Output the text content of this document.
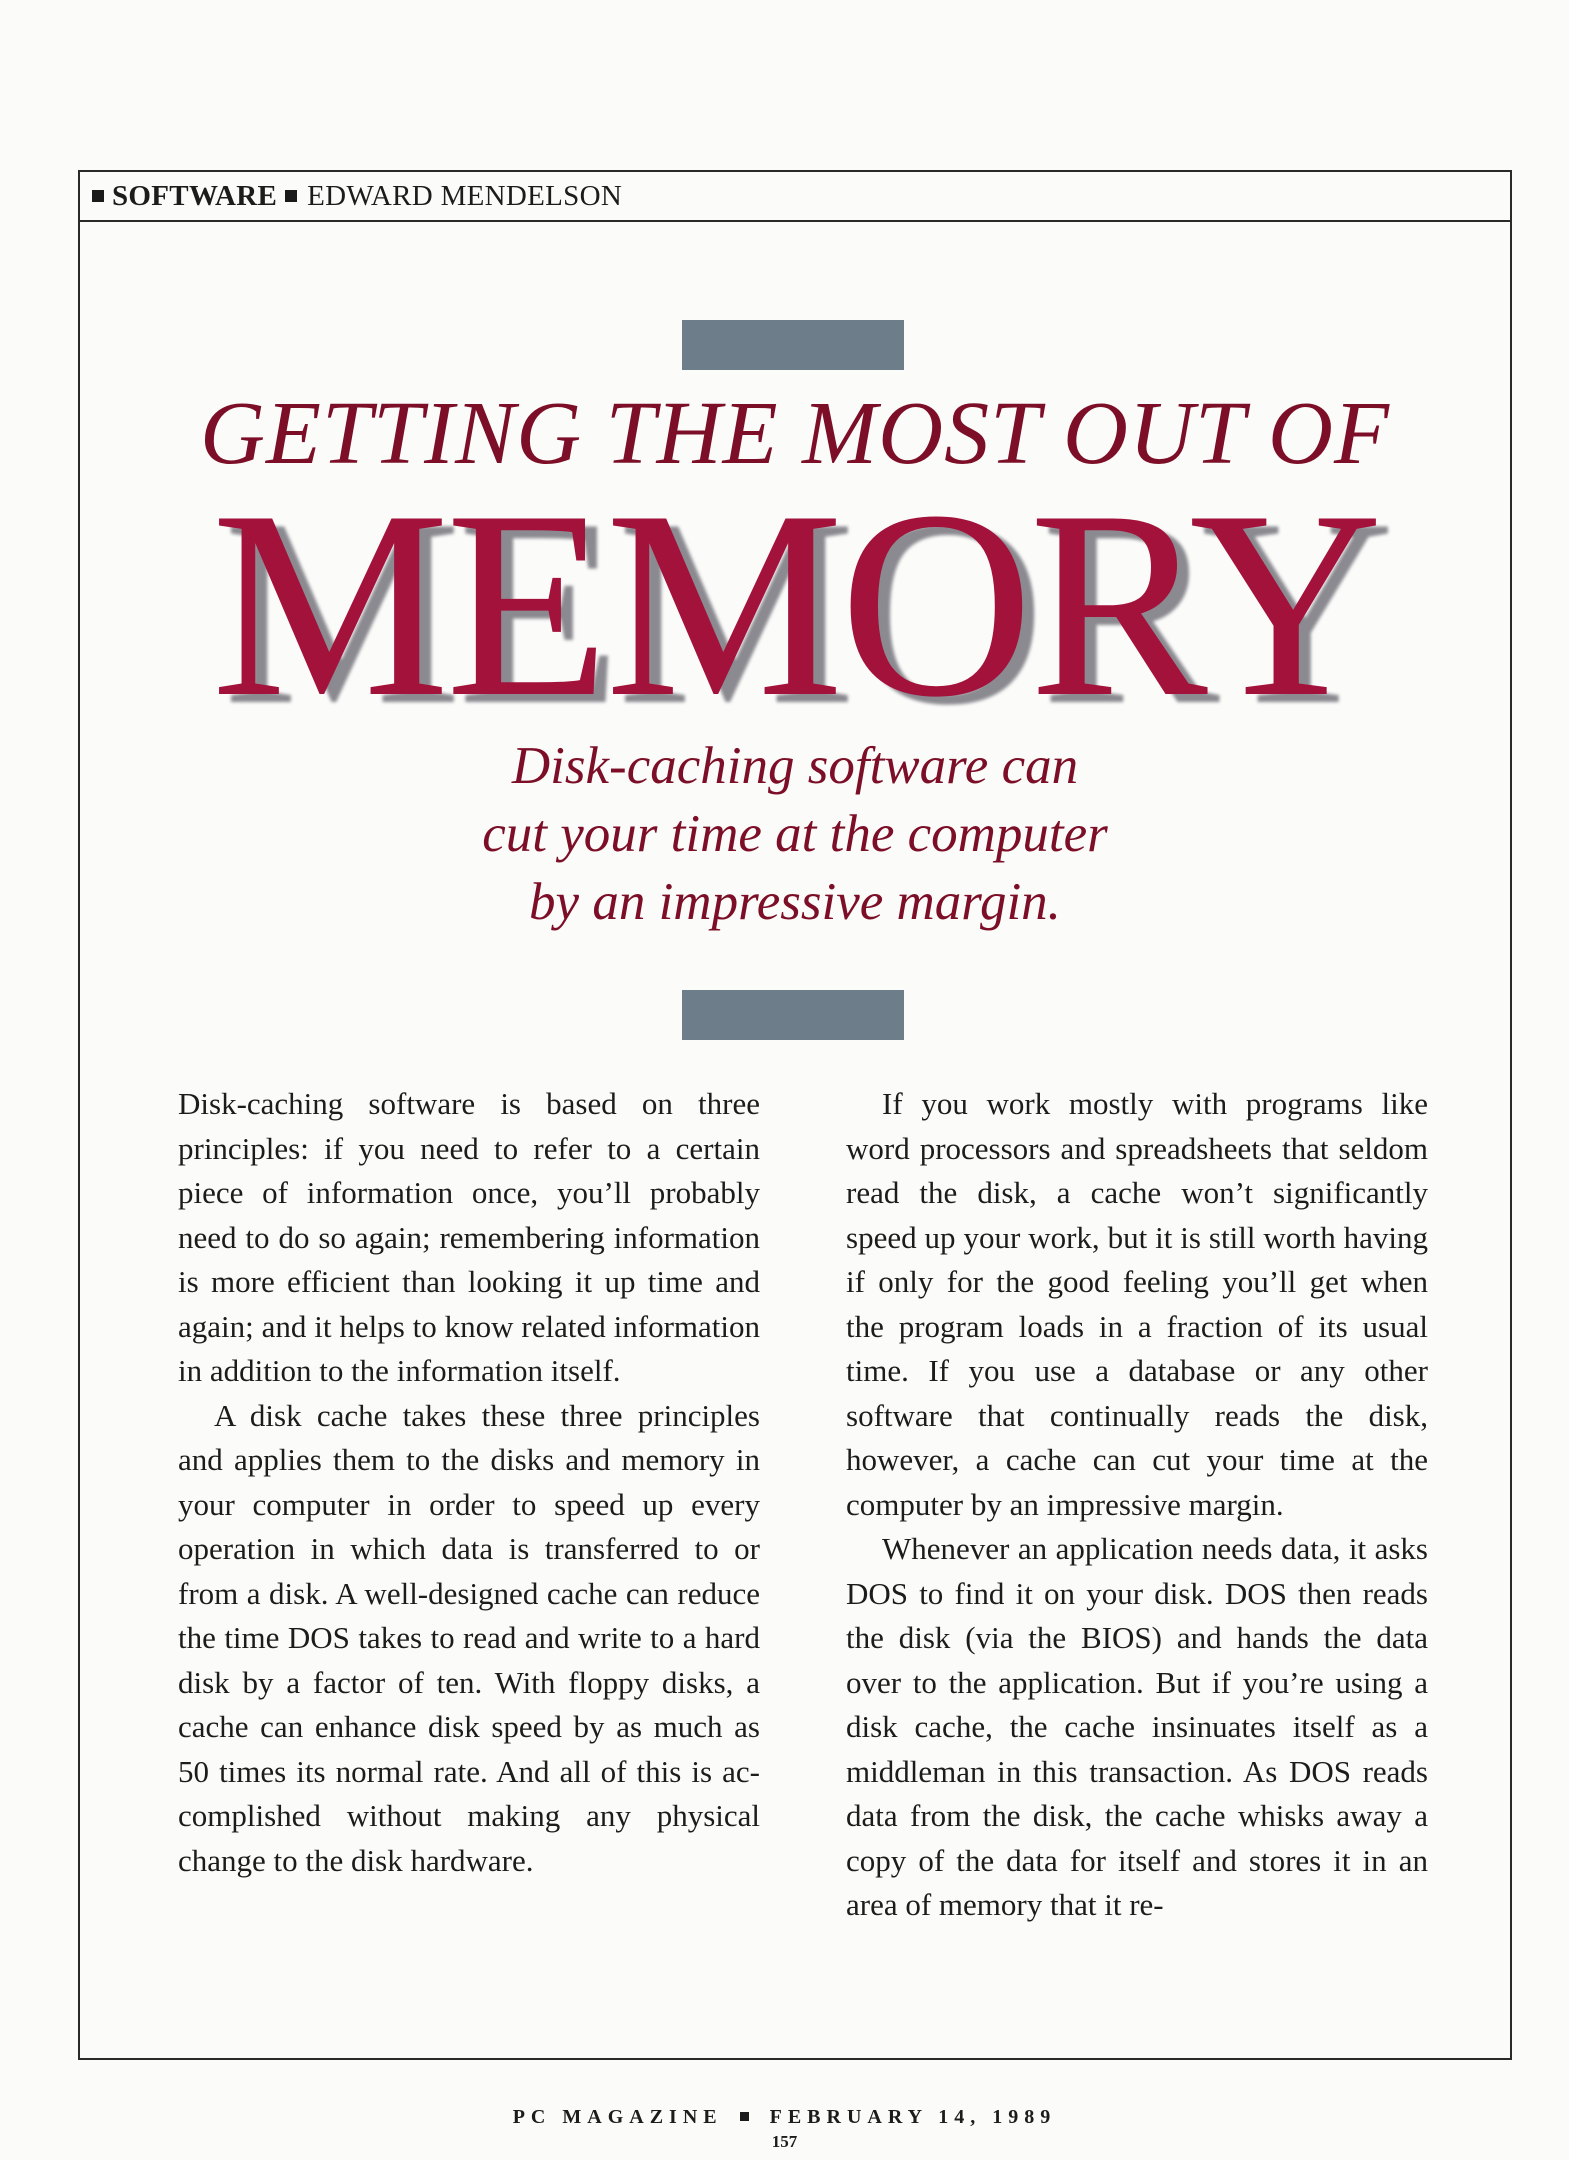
SOFTWARE EDWARD MENDELSON
GETTING THE MOST OUT OF
MEMORY
Disk-caching software can
cut your time at the computer
by an impressive margin.

Disk-caching software is based on three principles: if you need to refer to a certain piece of information once, you’ll probably need to do so again; remembering information is more efficient than looking it up time and again; and it helps to know related information in addition to the information itself.

A disk cache takes these three principles and applies them to the disks and memory in your computer in order to speed up every operation in which data is transferred to or from a disk. A well-designed cache can reduce the time DOS takes to read and write to a hard disk by a factor of ten. With floppy disks, a cache can enhance disk speed by as much as 50 times its normal rate. And all of this is accomplished without making any physical change to the disk hardware.

If you work mostly with programs like word processors and spreadsheets that seldom read the disk, a cache won’t significantly speed up your work, but it is still worth having if only for the good feeling you’ll get when the program loads in a fraction of its usual time. If you use a database or any other software that continually reads the disk, however, a cache can cut your time at the computer by an impressive margin.

Whenever an application needs data, it asks DOS to find it on your disk. DOS then reads the disk (via the BIOS) and hands the data over to the application. But if you’re using a disk cache, the cache insinuates itself as a middleman in this transaction. As DOS reads data from the disk, the cache whisks away a copy of the data for itself and stores it in an area of memory that it re-

PC MAGAZINE FEBRUARY 14, 1989
157
